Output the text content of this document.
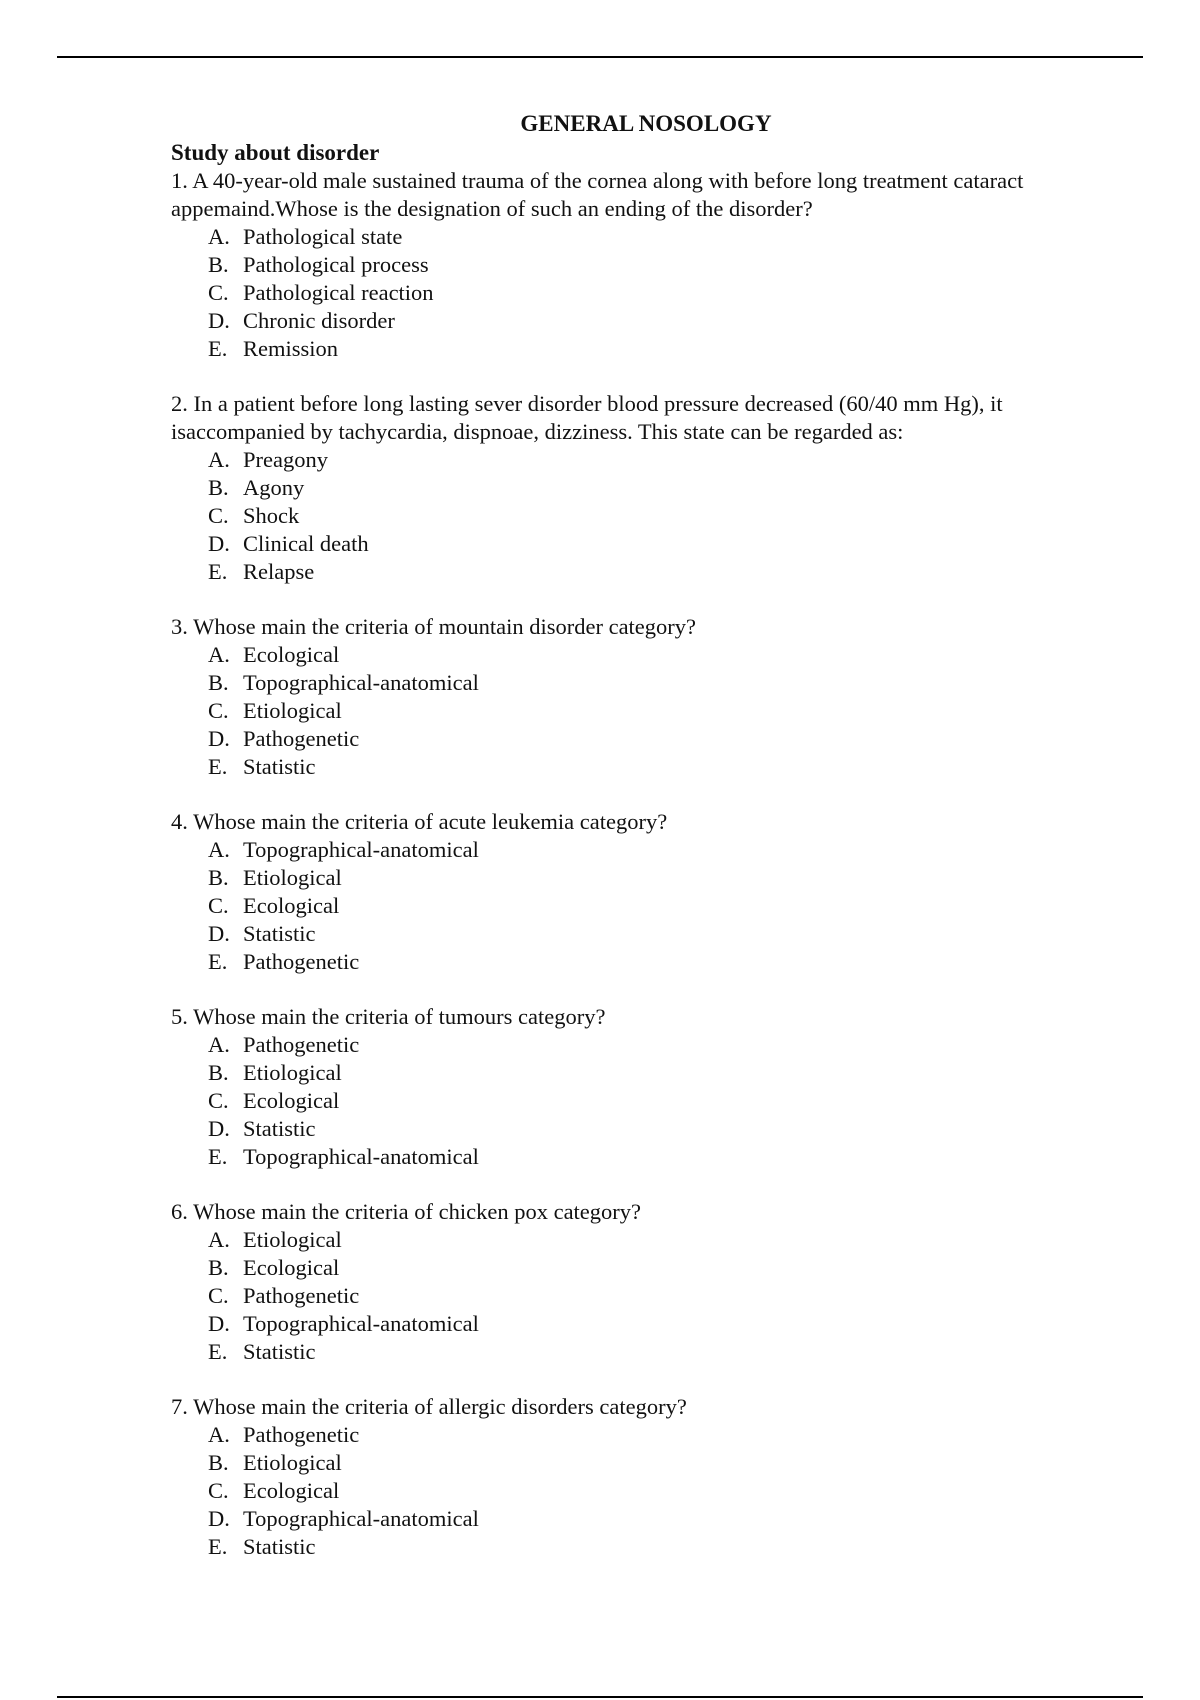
GENERAL NOSOLOGY
Study about disorder

1. A 40-year-old male sustained trauma of the cornea along with before long treatment cataract appemaind.Whose is the designation of such an ending of the disorder?

A. Pathological state
B. Pathological process
C. Pathological reaction
D. Chronic disorder
E. Remission

2. In a patient before long lasting sever disorder blood pressure decreased (60/40 mm Hg), it isaccompanied by tachycardia, dispnoae, dizziness. This state can be regarded as:

A. Preagony
B. Agony
C. Shock
D. Clinical death
E. Relapse

3. Whose main the criteria of mountain disorder category?

A. Ecological
B. Topographical-anatomical
C. Etiological
D. Pathogenetic
E. Statistic

4. Whose main the criteria of acute leukemia category?

A. Topographical-anatomical
B. Etiological
C. Ecological
D. Statistic
E. Pathogenetic

5. Whose main the criteria of tumours category?

A. Pathogenetic
B. Etiological
C. Ecological
D. Statistic
E. Topographical-anatomical

6. Whose main the criteria of chicken pox category?

A. Etiological
B. Ecological
C. Pathogenetic
D. Topographical-anatomical
E. Statistic

7. Whose main the criteria of allergic disorders category?

A. Pathogenetic
B. Etiological
C. Ecological
D. Topographical-anatomical
E. Statistic
